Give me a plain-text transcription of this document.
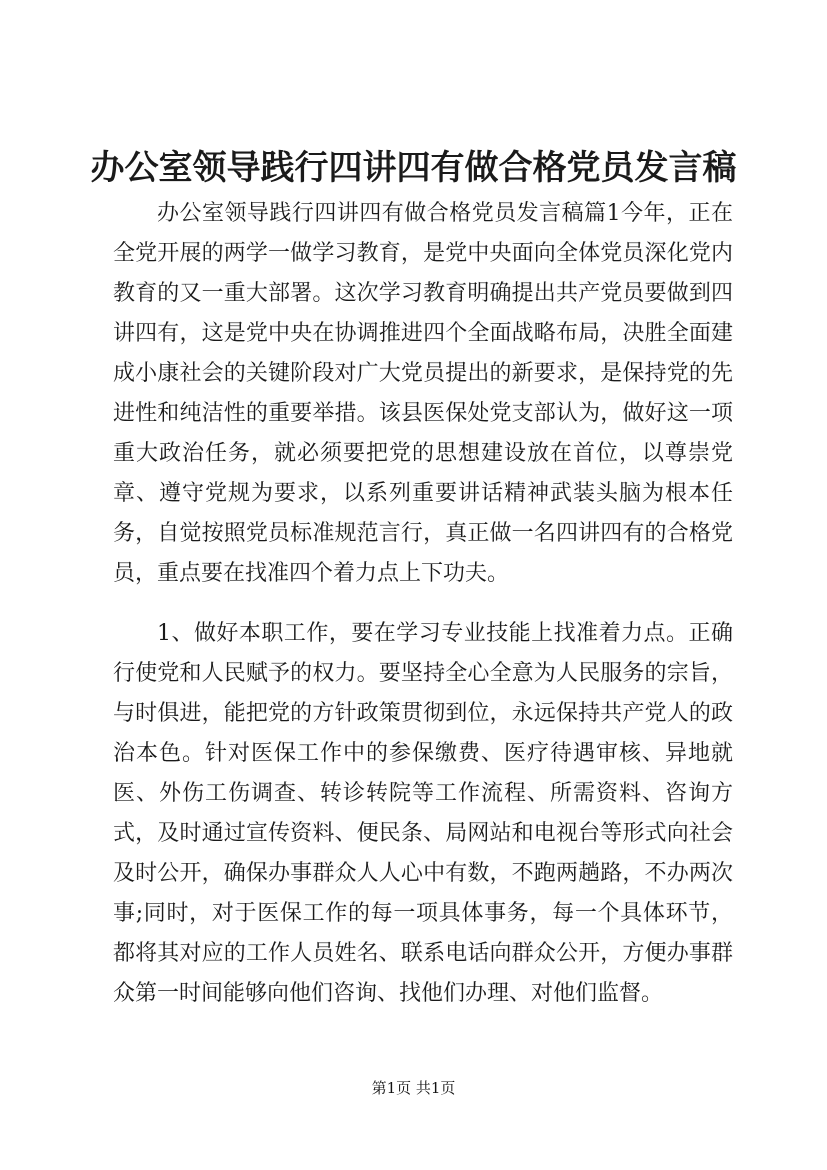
办公室领导践行四讲四有做合格党员发言稿

办公室领导践行四讲四有做合格党员发言稿篇1今年，正在全党开展的两学一做学习教育，是党中央面向全体党员深化党内教育的又一重大部署。这次学习教育明确提出共产党员要做到四讲四有，这是党中央在协调推进四个全面战略布局，决胜全面建成小康社会的关键阶段对广大党员提出的新要求，是保持党的先进性和纯洁性的重要举措。该县医保处党支部认为，做好这一项重大政治任务，就必须要把党的思想建设放在首位，以尊崇党章、遵守党规为要求，以系列重要讲话精神武装头脑为根本任务，自觉按照党员标准规范言行，真正做一名四讲四有的合格党员，重点要在找准四个着力点上下功夫。

1、做好本职工作，要在学习专业技能上找准着力点。正确行使党和人民赋予的权力。要坚持全心全意为人民服务的宗旨，与时俱进，能把党的方针政策贯彻到位，永远保持共产党人的政治本色。针对医保工作中的参保缴费、医疗待遇审核、异地就医、外伤工伤调查、转诊转院等工作流程、所需资料、咨询方式，及时通过宣传资料、便民条、局网站和电视台等形式向社会及时公开，确保办事群众人人心中有数，不跑两趟路，不办两次事;同时，对于医保工作的每一项具体事务，每一个具体环节，都将其对应的工作人员姓名、联系电话向群众公开，方便办事群众第一时间能够向他们咨询、找他们办理、对他们监督。

第1页 共1页
